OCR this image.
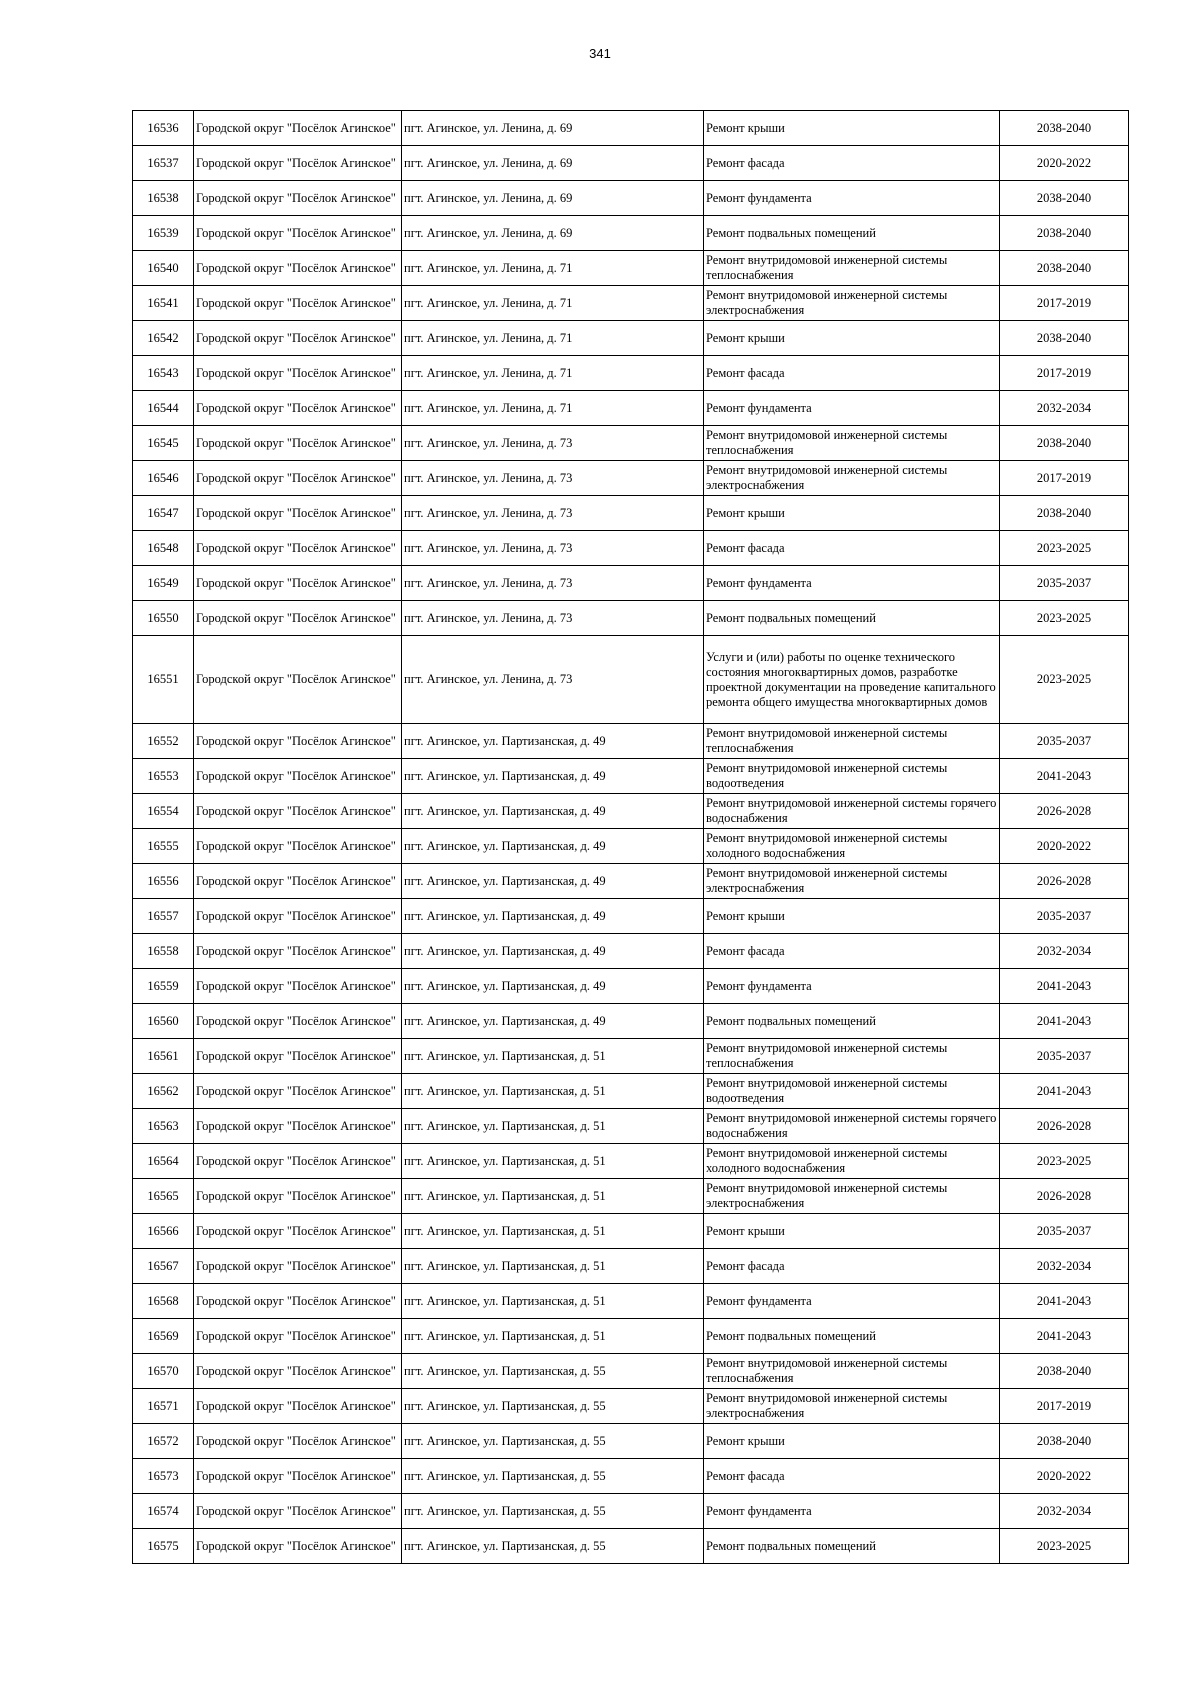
341
16536	Городской округ "Посёлок Агинское"	пгт. Агинское, ул. Ленина, д. 69	Ремонт крыши	2038-2040
16537	Городской округ "Посёлок Агинское"	пгт. Агинское, ул. Ленина, д. 69	Ремонт фасада	2020-2022
16538	Городской округ "Посёлок Агинское"	пгт. Агинское, ул. Ленина, д. 69	Ремонт фундамента	2038-2040
16539	Городской округ "Посёлок Агинское"	пгт. Агинское, ул. Ленина, д. 69	Ремонт подвальных помещений	2038-2040
16540	Городской округ "Посёлок Агинское"	пгт. Агинское, ул. Ленина, д. 71	Ремонт внутридомовой инженерной системы теплоснабжения	2038-2040
16541	Городской округ "Посёлок Агинское"	пгт. Агинское, ул. Ленина, д. 71	Ремонт внутридомовой инженерной системы электроснабжения	2017-2019
16542	Городской округ "Посёлок Агинское"	пгт. Агинское, ул. Ленина, д. 71	Ремонт крыши	2038-2040
16543	Городской округ "Посёлок Агинское"	пгт. Агинское, ул. Ленина, д. 71	Ремонт фасада	2017-2019
16544	Городской округ "Посёлок Агинское"	пгт. Агинское, ул. Ленина, д. 71	Ремонт фундамента	2032-2034
16545	Городской округ "Посёлок Агинское"	пгт. Агинское, ул. Ленина, д. 73	Ремонт внутридомовой инженерной системы теплоснабжения	2038-2040
16546	Городской округ "Посёлок Агинское"	пгт. Агинское, ул. Ленина, д. 73	Ремонт внутридомовой инженерной системы электроснабжения	2017-2019
16547	Городской округ "Посёлок Агинское"	пгт. Агинское, ул. Ленина, д. 73	Ремонт крыши	2038-2040
16548	Городской округ "Посёлок Агинское"	пгт. Агинское, ул. Ленина, д. 73	Ремонт фасада	2023-2025
16549	Городской округ "Посёлок Агинское"	пгт. Агинское, ул. Ленина, д. 73	Ремонт фундамента	2035-2037
16550	Городской округ "Посёлок Агинское"	пгт. Агинское, ул. Ленина, д. 73	Ремонт подвальных помещений	2023-2025
16551	Городской округ "Посёлок Агинское"	пгт. Агинское, ул. Ленина, д. 73	Услуги и (или) работы по оценке технического состояния многоквартирных домов, разработке проектной документации на проведение капитального ремонта общего имущества многоквартирных домов	2023-2025
16552	Городской округ "Посёлок Агинское"	пгт. Агинское, ул. Партизанская, д. 49	Ремонт внутридомовой инженерной системы теплоснабжения	2035-2037
16553	Городской округ "Посёлок Агинское"	пгт. Агинское, ул. Партизанская, д. 49	Ремонт внутридомовой инженерной системы водоотведения	2041-2043
16554	Городской округ "Посёлок Агинское"	пгт. Агинское, ул. Партизанская, д. 49	Ремонт внутридомовой инженерной системы горячего водоснабжения	2026-2028
16555	Городской округ "Посёлок Агинское"	пгт. Агинское, ул. Партизанская, д. 49	Ремонт внутридомовой инженерной системы холодного водоснабжения	2020-2022
16556	Городской округ "Посёлок Агинское"	пгт. Агинское, ул. Партизанская, д. 49	Ремонт внутридомовой инженерной системы электроснабжения	2026-2028
16557	Городской округ "Посёлок Агинское"	пгт. Агинское, ул. Партизанская, д. 49	Ремонт крыши	2035-2037
16558	Городской округ "Посёлок Агинское"	пгт. Агинское, ул. Партизанская, д. 49	Ремонт фасада	2032-2034
16559	Городской округ "Посёлок Агинское"	пгт. Агинское, ул. Партизанская, д. 49	Ремонт фундамента	2041-2043
16560	Городской округ "Посёлок Агинское"	пгт. Агинское, ул. Партизанская, д. 49	Ремонт подвальных помещений	2041-2043
16561	Городской округ "Посёлок Агинское"	пгт. Агинское, ул. Партизанская, д. 51	Ремонт внутридомовой инженерной системы теплоснабжения	2035-2037
16562	Городской округ "Посёлок Агинское"	пгт. Агинское, ул. Партизанская, д. 51	Ремонт внутридомовой инженерной системы водоотведения	2041-2043
16563	Городской округ "Посёлок Агинское"	пгт. Агинское, ул. Партизанская, д. 51	Ремонт внутридомовой инженерной системы горячего водоснабжения	2026-2028
16564	Городской округ "Посёлок Агинское"	пгт. Агинское, ул. Партизанская, д. 51	Ремонт внутридомовой инженерной системы холодного водоснабжения	2023-2025
16565	Городской округ "Посёлок Агинское"	пгт. Агинское, ул. Партизанская, д. 51	Ремонт внутридомовой инженерной системы электроснабжения	2026-2028
16566	Городской округ "Посёлок Агинское"	пгт. Агинское, ул. Партизанская, д. 51	Ремонт крыши	2035-2037
16567	Городской округ "Посёлок Агинское"	пгт. Агинское, ул. Партизанская, д. 51	Ремонт фасада	2032-2034
16568	Городской округ "Посёлок Агинское"	пгт. Агинское, ул. Партизанская, д. 51	Ремонт фундамента	2041-2043
16569	Городской округ "Посёлок Агинское"	пгт. Агинское, ул. Партизанская, д. 51	Ремонт подвальных помещений	2041-2043
16570	Городской округ "Посёлок Агинское"	пгт. Агинское, ул. Партизанская, д. 55	Ремонт внутридомовой инженерной системы теплоснабжения	2038-2040
16571	Городской округ "Посёлок Агинское"	пгт. Агинское, ул. Партизанская, д. 55	Ремонт внутридомовой инженерной системы электроснабжения	2017-2019
16572	Городской округ "Посёлок Агинское"	пгт. Агинское, ул. Партизанская, д. 55	Ремонт крыши	2038-2040
16573	Городской округ "Посёлок Агинское"	пгт. Агинское, ул. Партизанская, д. 55	Ремонт фасада	2020-2022
16574	Городской округ "Посёлок Агинское"	пгт. Агинское, ул. Партизанская, д. 55	Ремонт фундамента	2032-2034
16575	Городской округ "Посёлок Агинское"	пгт. Агинское, ул. Партизанская, д. 55	Ремонт подвальных помещений	2023-2025
